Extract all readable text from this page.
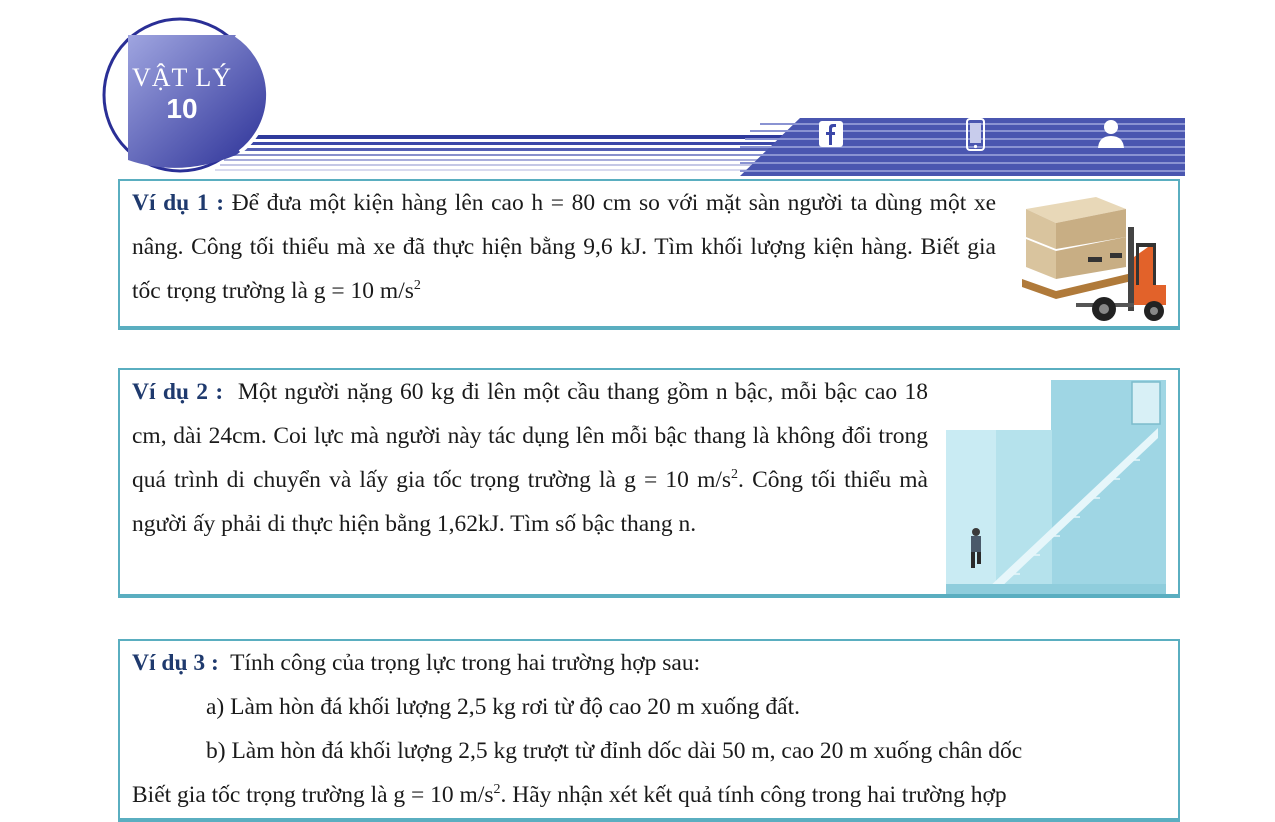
VẬT LÝ
10
Ví dụ 1 : Để đưa một kiện hàng lên cao h = 80 cm so với mặt sàn người ta dùng một xe nâng. Công tối thiểu mà xe đã thực hiện bằng 9,6 kJ. Tìm khối lượng kiện hàng. Biết gia tốc trọng trường là g = 10 $m/s^2$
Ví dụ 2 : Một người nặng 60 kg đi lên một cầu thang gồm n bậc, mỗi bậc cao 18 cm, dài 24cm. Coi lực mà người này tác dụng lên mỗi bậc thang là không đổi trong quá trình di chuyển và lấy gia tốc trọng trường là g = 10 $m/s^2$. Công tối thiểu mà người ấy phải di thực hiện bằng 1,62kJ. Tìm số bậc thang n.
Ví dụ 3 : Tính công của trọng lực trong hai trường hợp sau:
a) Làm hòn đá khối lượng 2,5 kg rơi từ độ cao 20 m xuống đất.
b) Làm hòn đá khối lượng 2,5 kg trượt từ đỉnh dốc dài 50 m, cao 20 m xuống chân dốc
Biết gia tốc trọng trường là g = 10 $m/s^2$. Hãy nhận xét kết quả tính công trong hai trường hợp
